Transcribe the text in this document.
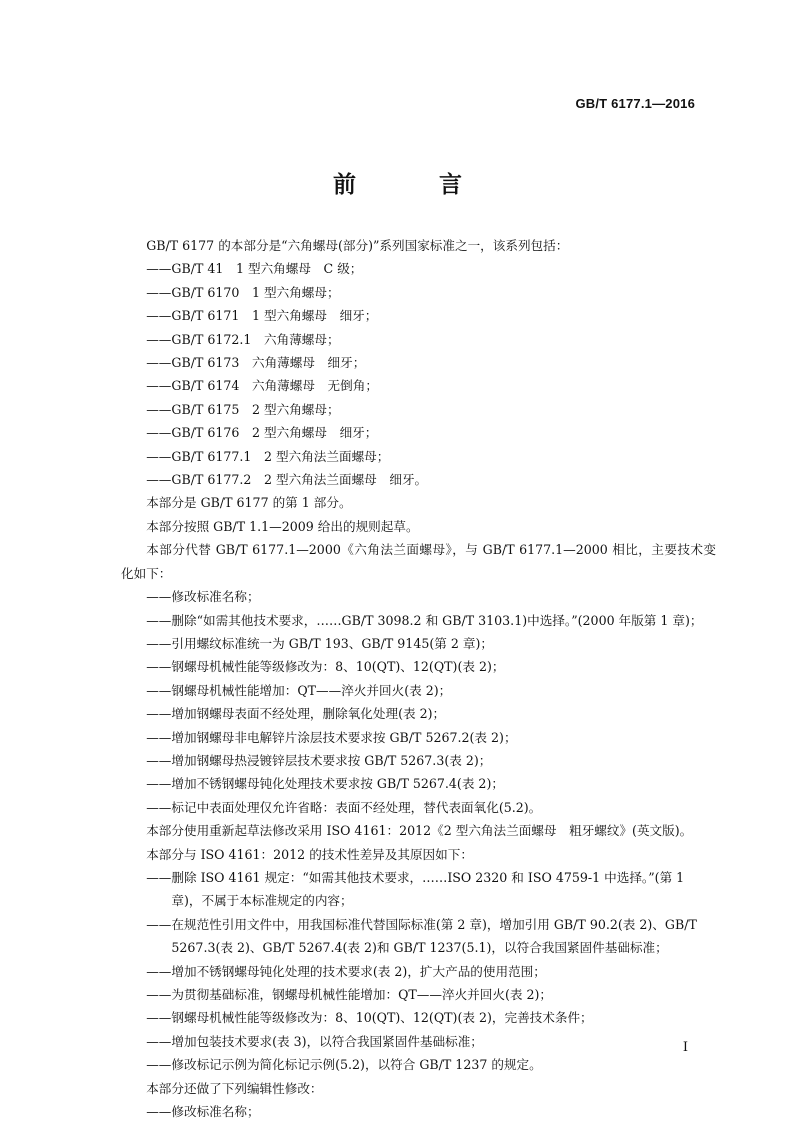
GB/T 6177.1—2016
前　言

GB/T 6177 的本部分是“六角螺母(部分)”系列国家标准之一，该系列包括：

——GB/T 41　1 型六角螺母　C 级；

——GB/T 6170　1 型六角螺母；

——GB/T 6171　1 型六角螺母　细牙；

——GB/T 6172.1　六角薄螺母；

——GB/T 6173　六角薄螺母　细牙；

——GB/T 6174　六角薄螺母　无倒角；

——GB/T 6175　2 型六角螺母；

——GB/T 6176　2 型六角螺母　细牙；

——GB/T 6177.1　2 型六角法兰面螺母；

——GB/T 6177.2　2 型六角法兰面螺母　细牙。

本部分是 GB/T 6177 的第 1 部分。

本部分按照 GB/T 1.1—2009 给出的规则起草。

本部分代替 GB/T 6177.1—2000《六角法兰面螺母》，与 GB/T 6177.1—2000 相比，主要技术变化如下：

——修改标准名称；

——删除“如需其他技术要求，……GB/T 3098.2 和 GB/T 3103.1)中选择。”(2000 年版第 1 章)；

——引用螺纹标准统一为 GB/T 193、GB/T 9145(第 2 章)；

——钢螺母机械性能等级修改为：8、10(QT)、12(QT)(表 2)；

——钢螺母机械性能增加：QT——淬火并回火(表 2)；

——增加钢螺母表面不经处理，删除氧化处理(表 2)；

——增加钢螺母非电解锌片涂层技术要求按 GB/T 5267.2(表 2)；

——增加钢螺母热浸镀锌层技术要求按 GB/T 5267.3(表 2)；

——增加不锈钢螺母钝化处理技术要求按 GB/T 5267.4(表 2)；

——标记中表面处理仅允许省略：表面不经处理，替代表面氧化(5.2)。

本部分使用重新起草法修改采用 ISO 4161：2012《2 型六角法兰面螺母　粗牙螺纹》(英文版)。

本部分与 ISO 4161：2012 的技术性差异及其原因如下：

——删除 ISO 4161 规定：“如需其他技术要求，……ISO 2320 和 ISO 4759-1 中选择。”(第 1 章)，不属于本标准规定的内容；

——在规范性引用文件中，用我国标准代替国际标准(第 2 章)，增加引用 GB/T 90.2(表 2)、GB/T 5267.3(表 2)、GB/T 5267.4(表 2)和 GB/T 1237(5.1)，以符合我国紧固件基础标准；

——增加不锈钢螺母钝化处理的技术要求(表 2)，扩大产品的使用范围；

——为贯彻基础标准，钢螺母机械性能增加：QT——淬火并回火(表 2)；

——钢螺母机械性能等级修改为：8、10(QT)、12(QT)(表 2)，完善技术条件；

——增加包装技术要求(表 3)，以符合我国紧固件基础标准；

——修改标记示例为简化标记示例(5.2)，以符合 GB/T 1237 的规定。

本部分还做了下列编辑性修改：

——修改标准名称；

I
